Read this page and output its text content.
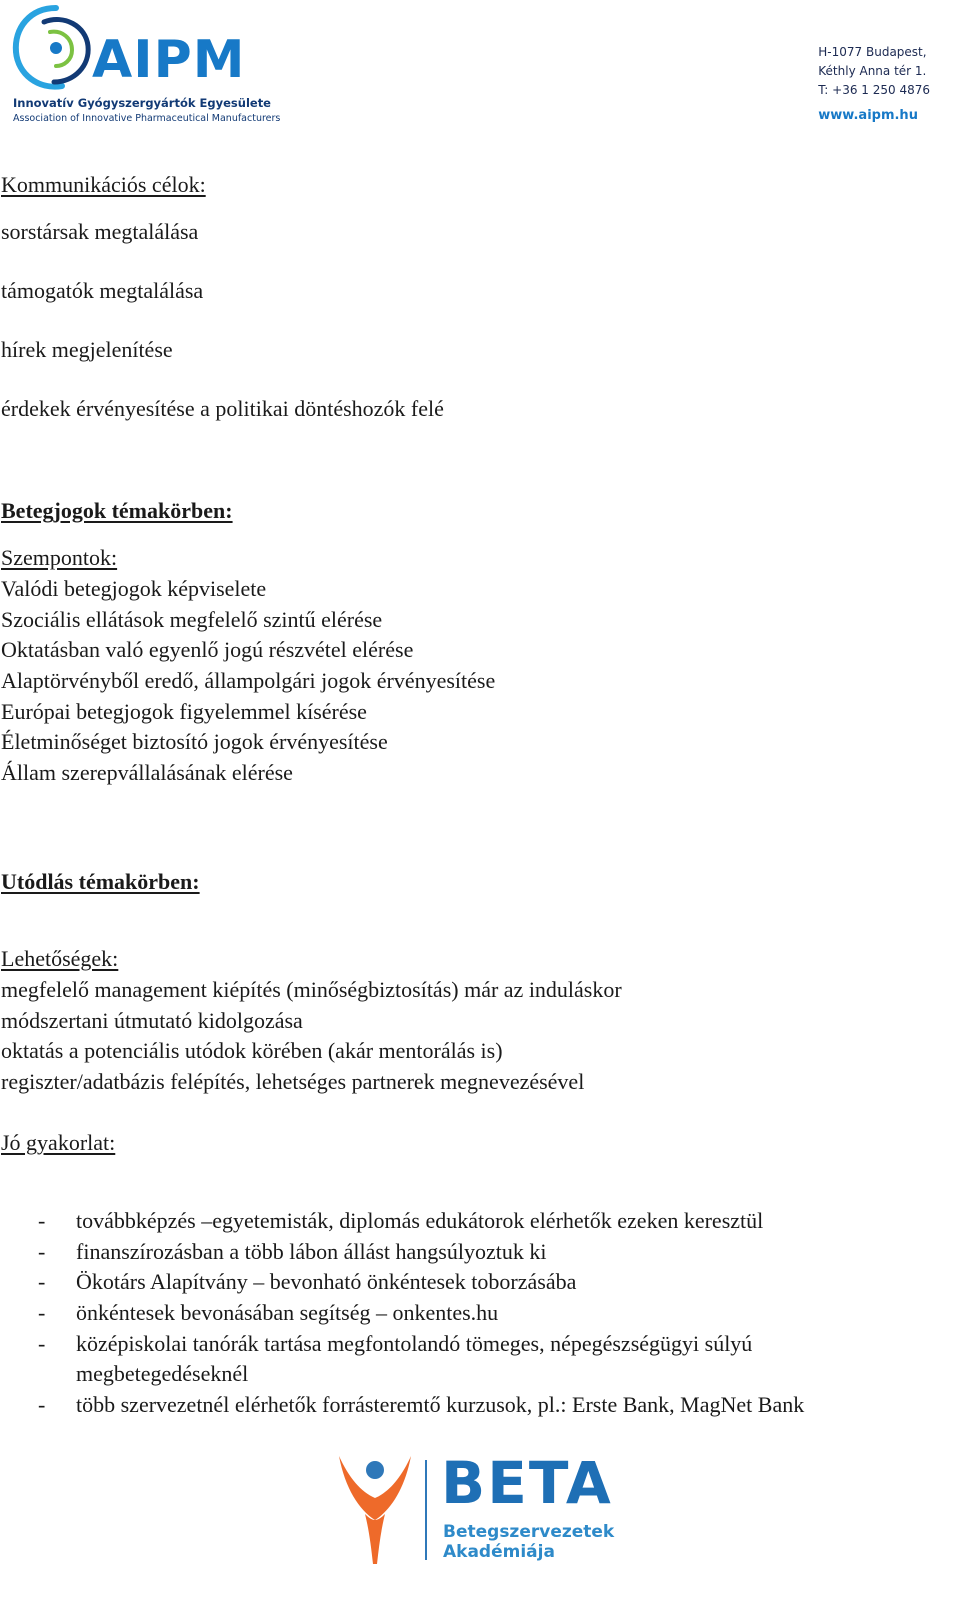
AIPM
Innovatív Gyógyszergyártók Egyesülete
Association of Innovative Pharmaceutical Manufacturers
H-1077 Budapest,
Kéthly Anna tér 1.
T: +36 1 250 4876
www.aipm.hu
Kommunikációs célok:
sorstársak megtalálása
támogatók megtalálása
hírek megjelenítése
érdekek érvényesítése a politikai döntéshozók felé
Betegjogok témakörben:
Szempontok:
Valódi betegjogok képviselete
Szociális ellátások megfelelő szintű elérése
Oktatásban való egyenlő jogú részvétel elérése
Alaptörvényből eredő, állampolgári jogok érvényesítése
Európai betegjogok figyelemmel kísérése
Életminőséget biztosító jogok érvényesítése
Állam szerepvállalásának elérése
Utódlás témakörben:
Lehetőségek:
megfelelő management kiépítés (minőségbiztosítás) már az induláskor
módszertani útmutató kidolgozása
oktatás a potenciális utódok körében (akár mentorálás is)
regiszter/adatbázis felépítés, lehetséges partnerek megnevezésével
Jó gyakorlat:
- továbbképzés –egyetemisták, diplomás edukátorok elérhetők ezeken keresztül
- finanszírozásban a több lábon állást hangsúlyoztuk ki
- Ökotárs Alapítvány – bevonható önkéntesek toborzásába
- önkéntesek bevonásában segítség – onkentes.hu
- középiskolai tanórák tartása megfontolandó tömeges, népegészségügyi súlyú megbetegedéseknél
- több szervezetnél elérhetők forrásteremtő kurzusok, pl.: Erste Bank, MagNet Bank
BETA
Betegszervezetek
Akadémiája
